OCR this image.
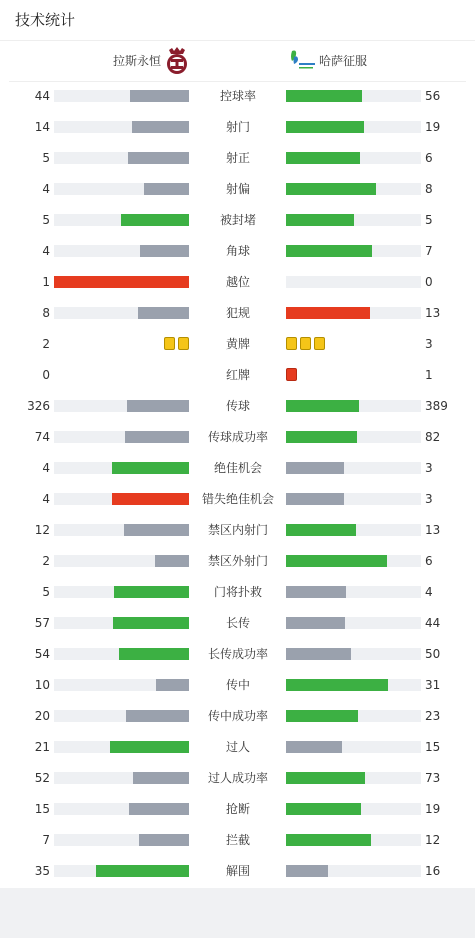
技术统计
拉斯永恒	哈萨征服
44	控球率	56
14	射门	19
5	射正	6
4	射偏	8
5	被封堵	5
4	角球	7
1	越位	0
8	犯规	13
2	黄牌	3
0	红牌	1
326	传球	389
74	传球成功率	82
4	绝佳机会	3
4	错失绝佳机会	3
12	禁区内射门	13
2	禁区外射门	6
5	门将扑救	4
57	长传	44
54	长传成功率	50
10	传中	31
20	传中成功率	23
21	过人	15
52	过人成功率	73
15	抢断	19
7	拦截	12
35	解围	16
